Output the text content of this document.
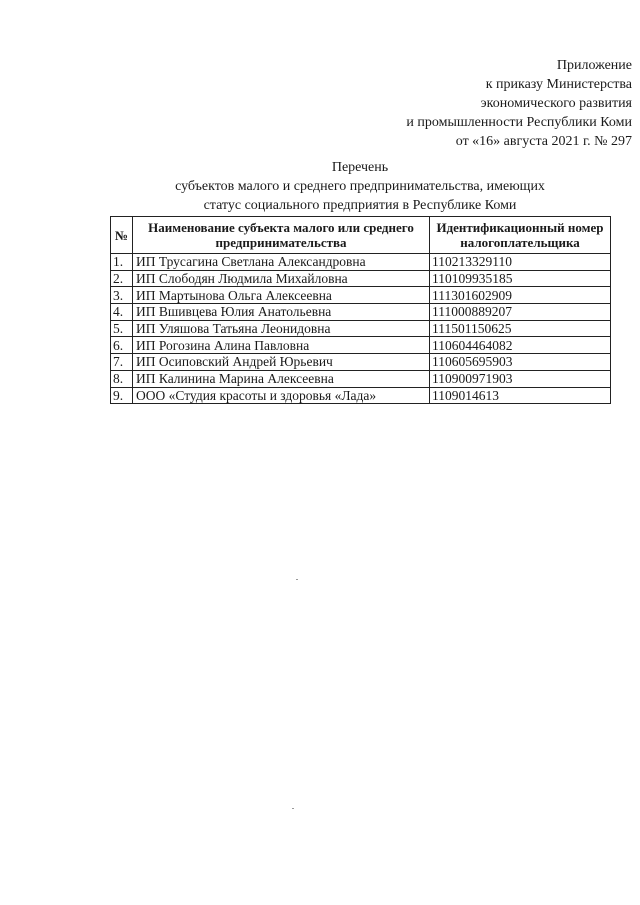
Приложение
к приказу Министерства
экономического развития
и промышленности Республики Коми
от «16» августа 2021 г. № 297
Перечень
субъектов малого и среднего предпринимательства, имеющих
статус социального предприятия в Республике Коми
№	Наименование субъекта малого или среднего предпринимательства	Идентификационный номер налогоплательщика
1.	ИП Трусагина Светлана Александровна	110213329110
2.	ИП Слободян Людмила Михайловна	110109935185
3.	ИП Мартынова Ольга Алексеевна	111301602909
4.	ИП Вшивцева Юлия Анатольевна	111000889207
5.	ИП Уляшова Татьяна Леонидовна	111501150625
6.	ИП Рогозина Алина Павловна	110604464082
7.	ИП Осиповский Андрей Юрьевич	110605695903
8.	ИП Калинина Марина Алексеевна	110900971903
9.	ООО «Студия красоты и здоровья «Лада»	1109014613
